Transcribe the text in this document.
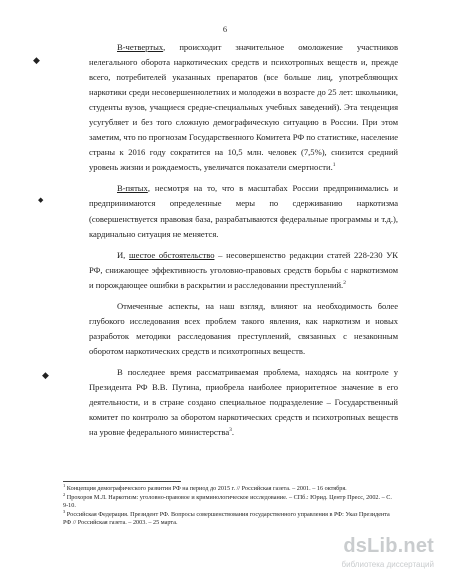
6
◆
◆
◆

В-четвертых, происходит значительное омоложение участников нелегального оборота наркотических средств и психотропных веществ и, прежде всего, потребителей указанных препаратов (все больше лиц, употребляющих наркотики среди несовершеннолетних и молодежи в возрасте до 25 лет: школьники, студенты вузов, учащиеся средне-специальных учебных заведений). Эта тенденция усугубляет и без того сложную демографическую ситуацию в России. При этом заметим, что по прогнозам Государственного Комитета РФ по статистике, население страны к 2016 году сократится на 10,5 млн. человек (7,5%), снизится средний уровень жизни и рождаемость, увеличатся показатели смертности.$^1$

В-пятых, несмотря на то, что в масштабах России предпринимались и предпринимаются определенные меры по сдерживанию наркотизма (совершенствуется правовая база, разрабатываются федеральные программы и т.д.), кардинально ситуация не меняется.

И, шестое обстоятельство – несовершенство редакции статей 228-230 УК РФ, снижающее эффективность уголовно-правовых средств борьбы с наркотизмом и порождающее ошибки в раскрытии и расследовании преступлений.$^2$

Отмеченные аспекты, на наш взгляд, влияют на необходимость более глубокого исследования всех проблем такого явления, как наркотизм и новых разработок методики расследования преступлений, связанных с незаконным оборотом наркотических средств и психотропных веществ.

В последнее время рассматриваемая проблема, находясь на контроле у Президента РФ В.В. Путина, приобрела наиболее приоритетное значение в его деятельности, и в стране создано специальное подразделение – Государственный комитет по контролю за оборотом наркотических средств и психотропных веществ на уровне федерального министерства$^3$.

$^1$ Концепция демографического развития РФ на период до 2015 г. // Российская газета. – 2001. – 16 октября.

$^2$ Прохоров М.Л. Наркотизм: уголовно-правовое и криминологическое исследование. – СПб.: Юрид. Центр Пресс, 2002. – С. 9-10.

$^3$ Российская Федерация. Президент РФ. Вопросы совершенствования государственного управления в РФ: Указ Президента РФ // Российская газета. – 2003. – 25 марта.

dsLib.net
библиотека диссертаций
